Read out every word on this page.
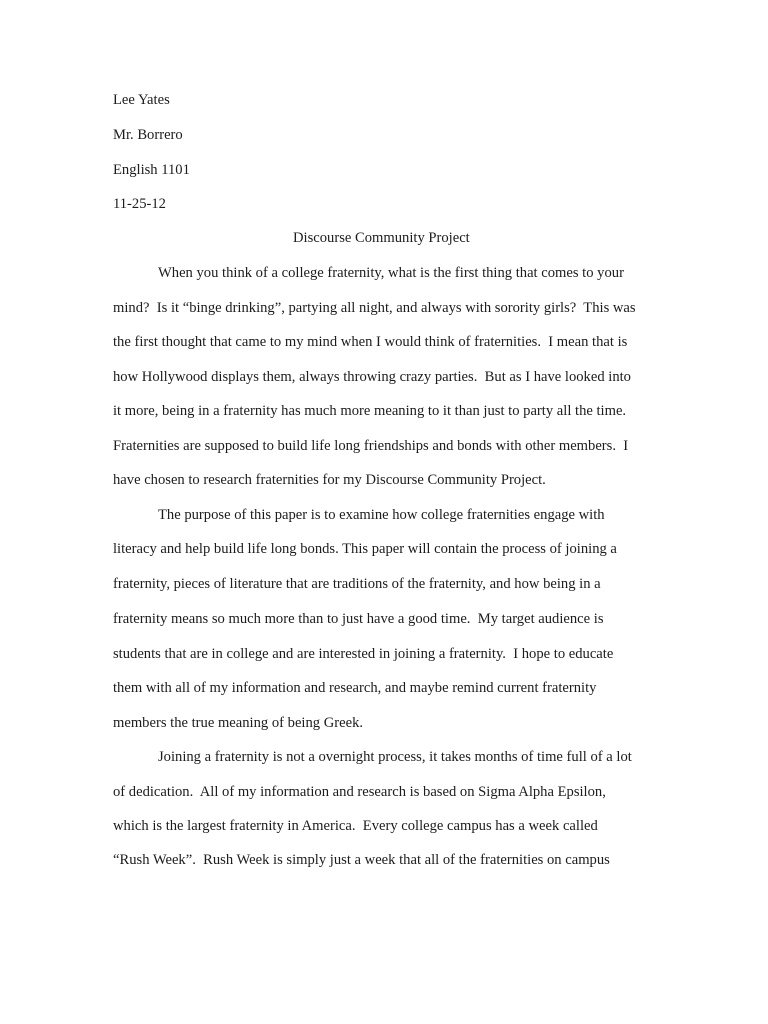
Lee Yates
Mr. Borrero
English 1101
11-25-12
Discourse Community Project
When you think of a college fraternity, what is the first thing that comes to your
mind?  Is it “binge drinking”, partying all night, and always with sorority girls?  This was
the first thought that came to my mind when I would think of fraternities.  I mean that is
how Hollywood displays them, always throwing crazy parties.  But as I have looked into
it more, being in a fraternity has much more meaning to it than just to party all the time.
Fraternities are supposed to build life long friendships and bonds with other members.  I
have chosen to research fraternities for my Discourse Community Project.
The purpose of this paper is to examine how college fraternities engage with
literacy and help build life long bonds. This paper will contain the process of joining a
fraternity, pieces of literature that are traditions of the fraternity, and how being in a
fraternity means so much more than to just have a good time.  My target audience is
students that are in college and are interested in joining a fraternity.  I hope to educate
them with all of my information and research, and maybe remind current fraternity
members the true meaning of being Greek.
Joining a fraternity is not a overnight process, it takes months of time full of a lot
of dedication.  All of my information and research is based on Sigma Alpha Epsilon,
which is the largest fraternity in America.  Every college campus has a week called
“Rush Week”.  Rush Week is simply just a week that all of the fraternities on campus
